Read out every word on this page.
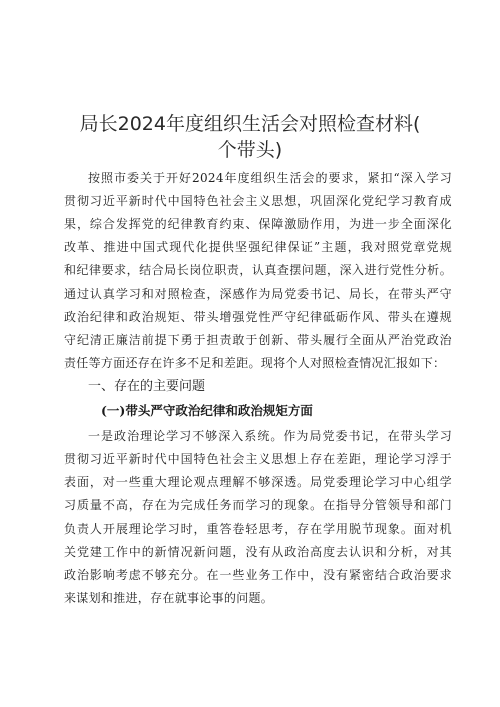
局长2024年度组织生活会对照检查材料(
个带头)
按照市委关于开好2024年度组织生活会的要求，紧扣“深入学习
贯彻习近平新时代中国特色社会主义思想，巩固深化党纪学习教育成
果，综合发挥党的纪律教育约束、保障激励作用，为进一步全面深化
改革、推进中国式现代化提供坚强纪律保证”主题，我对照党章党规
和纪律要求，结合局长岗位职责，认真查摆问题，深入进行党性分析。
通过认真学习和对照检查，深感作为局党委书记、局长，在带头严守
政治纪律和政治规矩、带头增强党性严守纪律砥砺作风、带头在遵规
守纪清正廉洁前提下勇于担责敢于创新、带头履行全面从严治党政治
责任等方面还存在许多不足和差距。现将个人对照检查情况汇报如下：
一、存在的主要问题
(一)带头严守政治纪律和政治规矩方面
一是政治理论学习不够深入系统。作为局党委书记，在带头学习
贯彻习近平新时代中国特色社会主义思想上存在差距，理论学习浮于
表面，对一些重大理论观点理解不够深透。局党委理论学习中心组学
习质量不高，存在为完成任务而学习的现象。在指导分管领导和部门
负责人开展理论学习时，重答卷轻思考，存在学用脱节现象。面对机
关党建工作中的新情况新问题，没有从政治高度去认识和分析，对其
政治影响考虑不够充分。在一些业务工作中，没有紧密结合政治要求
来谋划和推进，存在就事论事的问题。
